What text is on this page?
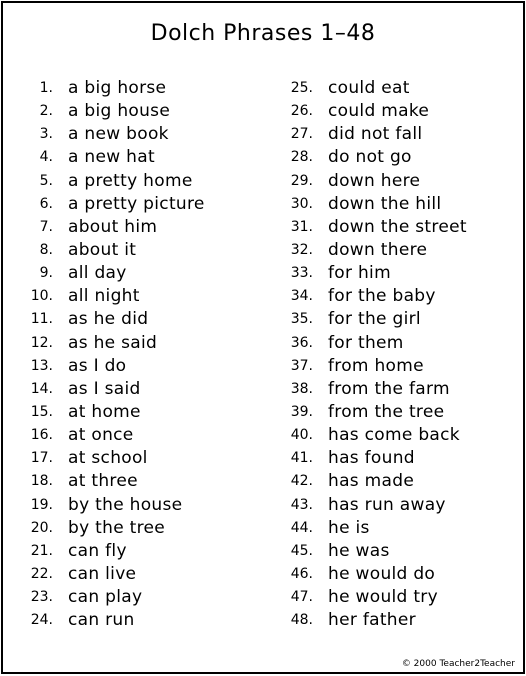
Dolch Phrases 1–48
1. a big horse
2. a big house
3. a new book
4. a new hat
5. a pretty home
6. a pretty picture
7. about him
8. about it
9. all day
10. all night
11. as he did
12. as he said
13. as I do
14. as I said
15. at home
16. at once
17. at school
18. at three
19. by the house
20. by the tree
21. can fly
22. can live
23. can play
24. can run
25. could eat
26. could make
27. did not fall
28. do not go
29. down here
30. down the hill
31. down the street
32. down there
33. for him
34. for the baby
35. for the girl
36. for them
37. from home
38. from the farm
39. from the tree
40. has come back
41. has found
42. has made
43. has run away
44. he is
45. he was
46. he would do
47. he would try
48. her father
© 2000 Teacher2Teacher
